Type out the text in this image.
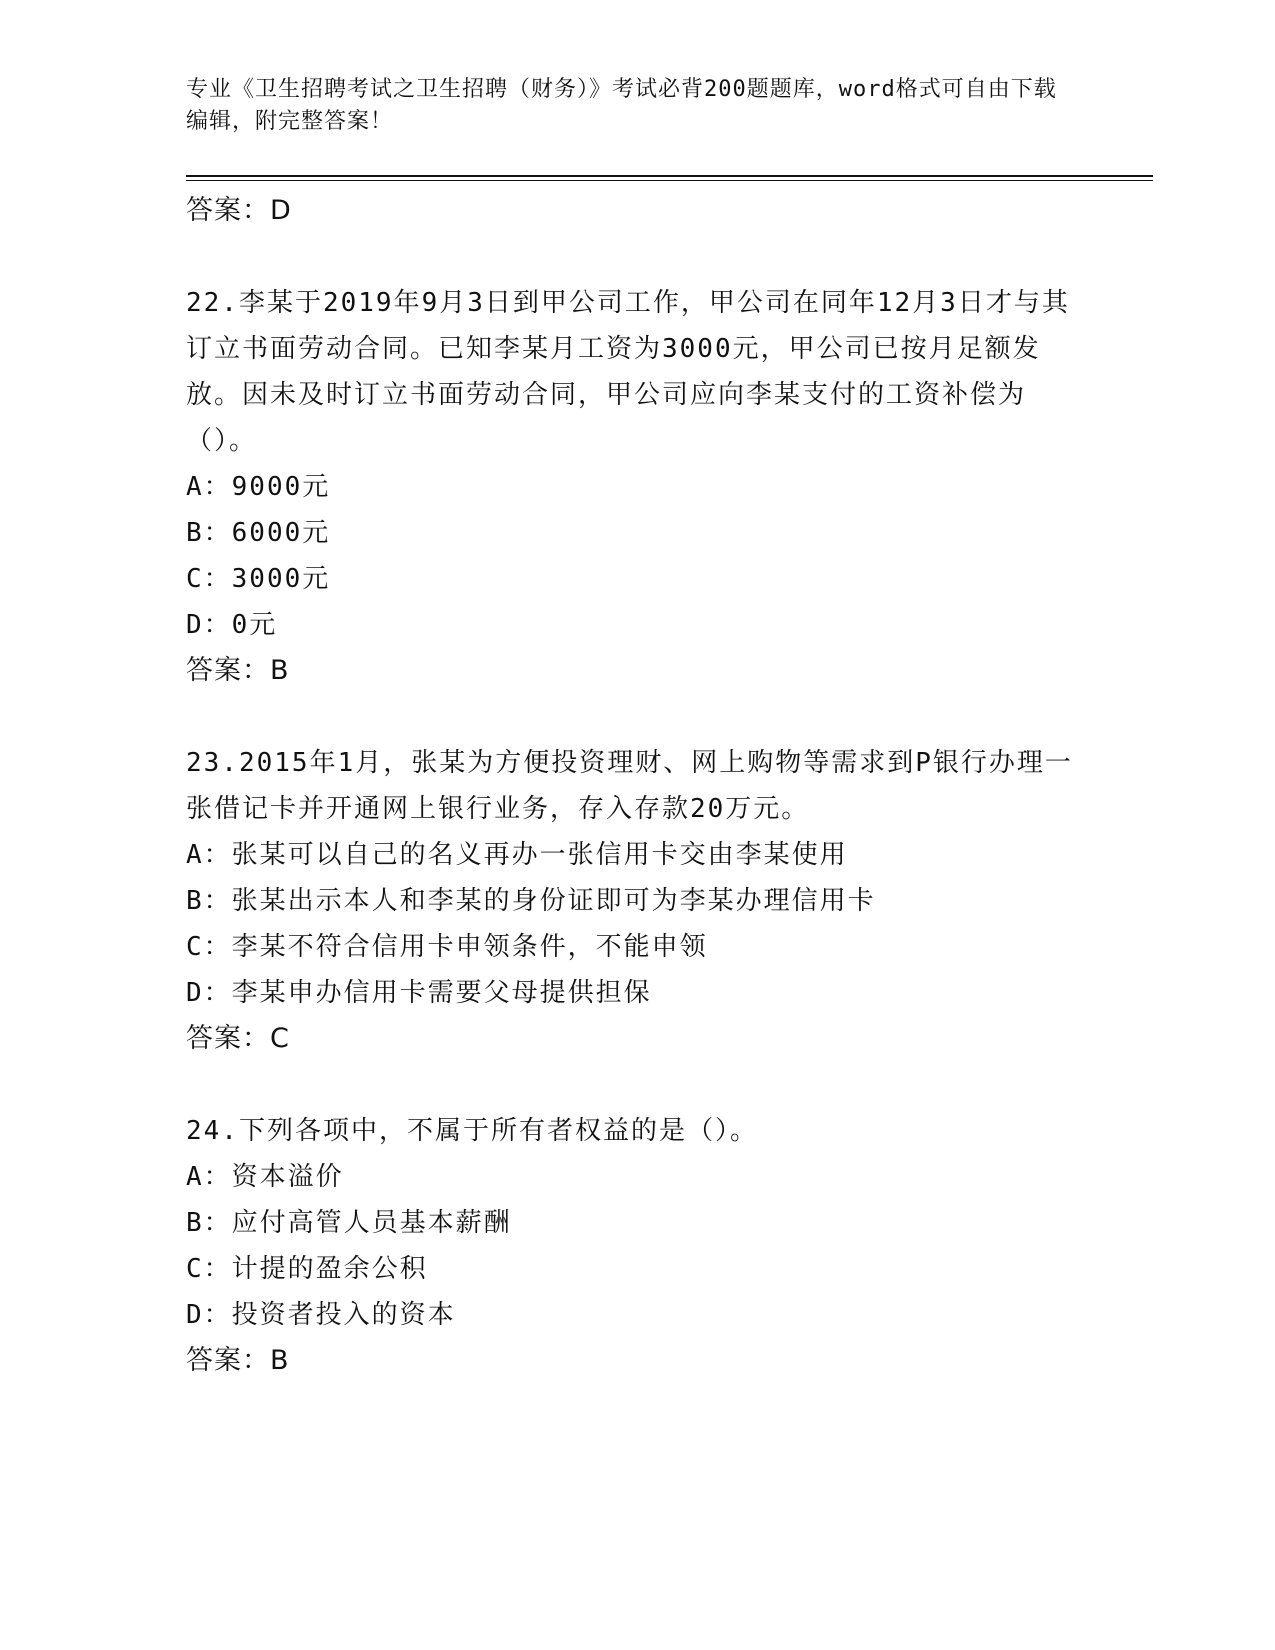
专业《卫生招聘考试之卫生招聘（财务）》考试必背200题题库，word格式可自由下载编辑，附完整答案！

答案：D

22.李某于2019年9月3日到甲公司工作，甲公司在同年12月3日才与其订立书面劳动合同。已知李某月工资为3000元，甲公司已按月足额发放。因未及时订立书面劳动合同，甲公司应向李某支付的工资补偿为（）。

A：9000元

B：6000元

C：3000元

D：0元

答案：B

23.2015年1月，张某为方便投资理财、网上购物等需求到P银行办理一张借记卡并开通网上银行业务，存入存款20万元。

A：张某可以自己的名义再办一张信用卡交由李某使用

B：张某出示本人和李某的身份证即可为李某办理信用卡

C：李某不符合信用卡申领条件，不能申领

D：李某申办信用卡需要父母提供担保

答案：C

24.下列各项中，不属于所有者权益的是（）。

A：资本溢价

B：应付高管人员基本薪酬

C：计提的盈余公积

D：投资者投入的资本

答案：B
